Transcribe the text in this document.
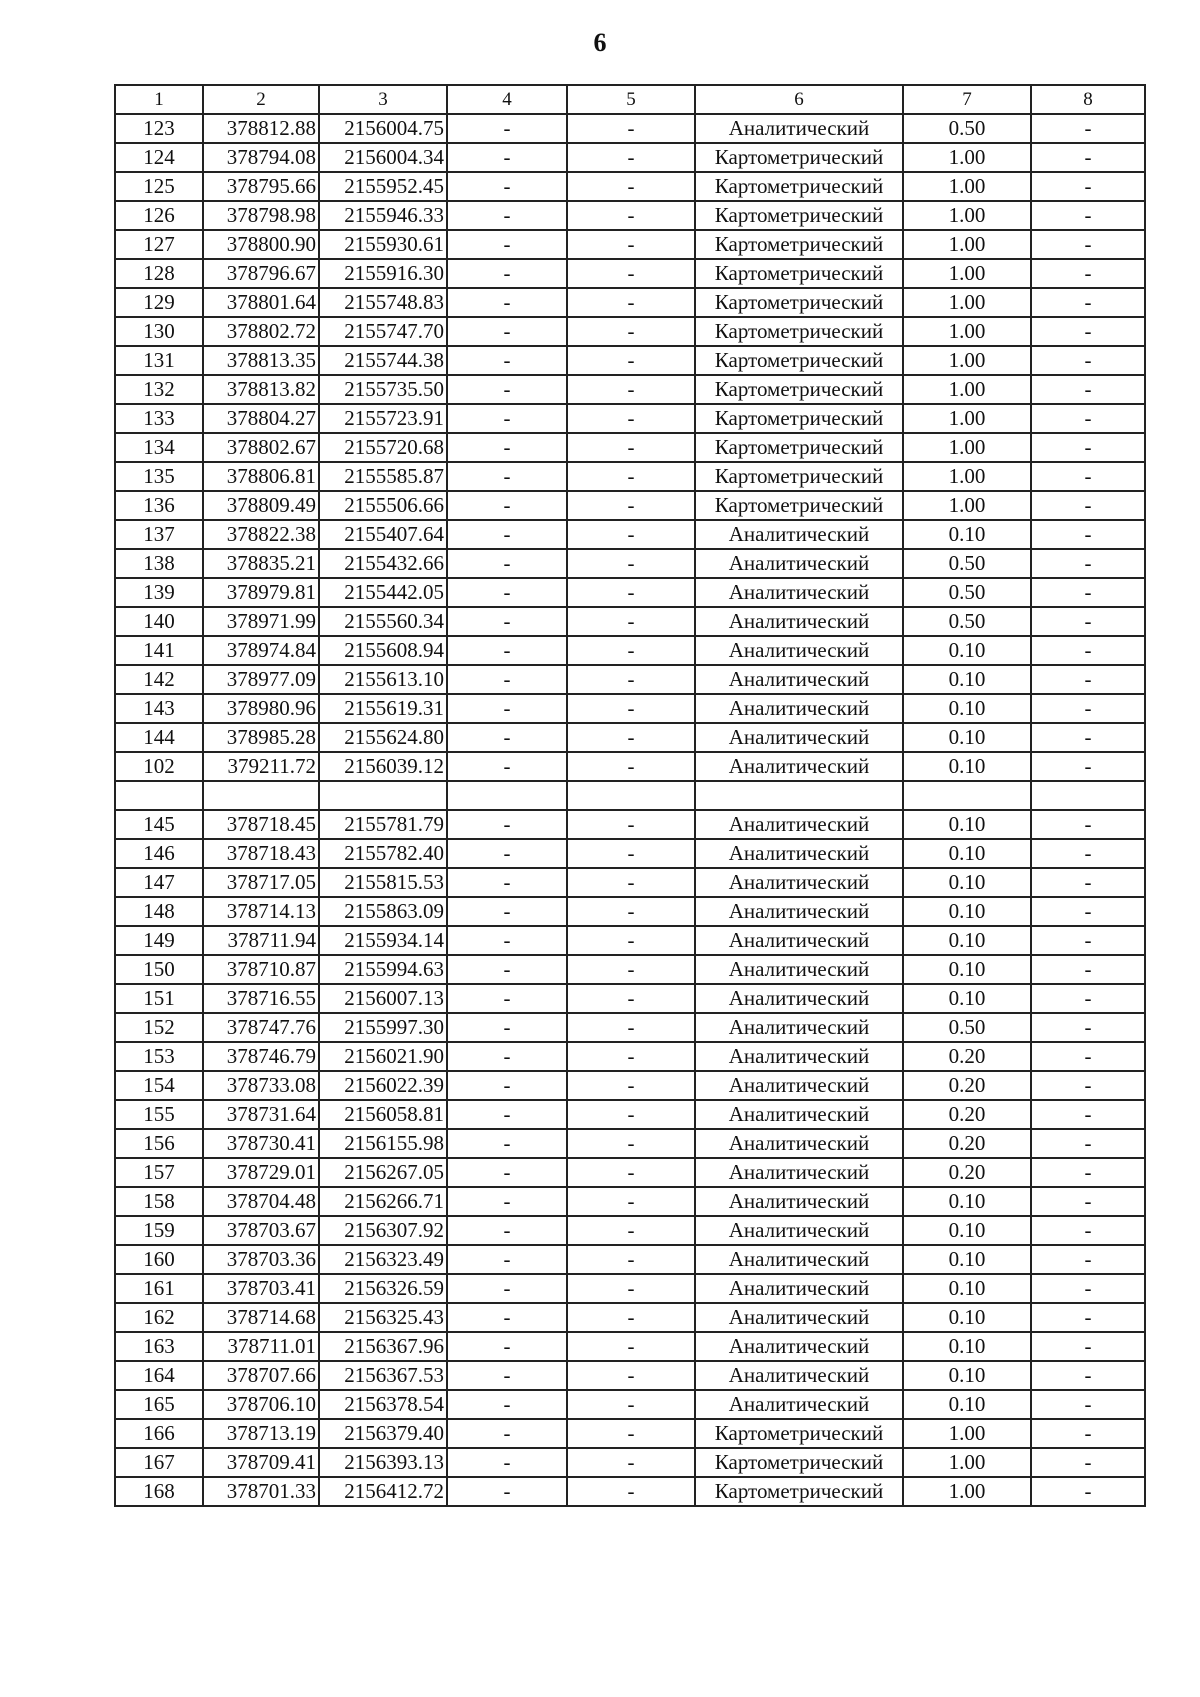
6
1	2	3	4	5	6	7	8
123	378812.88	2156004.75	-	-	Аналитический	0.50	-
124	378794.08	2156004.34	-	-	Картометрический	1.00	-
125	378795.66	2155952.45	-	-	Картометрический	1.00	-
126	378798.98	2155946.33	-	-	Картометрический	1.00	-
127	378800.90	2155930.61	-	-	Картометрический	1.00	-
128	378796.67	2155916.30	-	-	Картометрический	1.00	-
129	378801.64	2155748.83	-	-	Картометрический	1.00	-
130	378802.72	2155747.70	-	-	Картометрический	1.00	-
131	378813.35	2155744.38	-	-	Картометрический	1.00	-
132	378813.82	2155735.50	-	-	Картометрический	1.00	-
133	378804.27	2155723.91	-	-	Картометрический	1.00	-
134	378802.67	2155720.68	-	-	Картометрический	1.00	-
135	378806.81	2155585.87	-	-	Картометрический	1.00	-
136	378809.49	2155506.66	-	-	Картометрический	1.00	-
137	378822.38	2155407.64	-	-	Аналитический	0.10	-
138	378835.21	2155432.66	-	-	Аналитический	0.50	-
139	378979.81	2155442.05	-	-	Аналитический	0.50	-
140	378971.99	2155560.34	-	-	Аналитический	0.50	-
141	378974.84	2155608.94	-	-	Аналитический	0.10	-
142	378977.09	2155613.10	-	-	Аналитический	0.10	-
143	378980.96	2155619.31	-	-	Аналитический	0.10	-
144	378985.28	2155624.80	-	-	Аналитический	0.10	-
102	379211.72	2156039.12	-	-	Аналитический	0.10	-

145	378718.45	2155781.79	-	-	Аналитический	0.10	-
146	378718.43	2155782.40	-	-	Аналитический	0.10	-
147	378717.05	2155815.53	-	-	Аналитический	0.10	-
148	378714.13	2155863.09	-	-	Аналитический	0.10	-
149	378711.94	2155934.14	-	-	Аналитический	0.10	-
150	378710.87	2155994.63	-	-	Аналитический	0.10	-
151	378716.55	2156007.13	-	-	Аналитический	0.10	-
152	378747.76	2155997.30	-	-	Аналитический	0.50	-
153	378746.79	2156021.90	-	-	Аналитический	0.20	-
154	378733.08	2156022.39	-	-	Аналитический	0.20	-
155	378731.64	2156058.81	-	-	Аналитический	0.20	-
156	378730.41	2156155.98	-	-	Аналитический	0.20	-
157	378729.01	2156267.05	-	-	Аналитический	0.20	-
158	378704.48	2156266.71	-	-	Аналитический	0.10	-
159	378703.67	2156307.92	-	-	Аналитический	0.10	-
160	378703.36	2156323.49	-	-	Аналитический	0.10	-
161	378703.41	2156326.59	-	-	Аналитический	0.10	-
162	378714.68	2156325.43	-	-	Аналитический	0.10	-
163	378711.01	2156367.96	-	-	Аналитический	0.10	-
164	378707.66	2156367.53	-	-	Аналитический	0.10	-
165	378706.10	2156378.54	-	-	Аналитический	0.10	-
166	378713.19	2156379.40	-	-	Картометрический	1.00	-
167	378709.41	2156393.13	-	-	Картометрический	1.00	-
168	378701.33	2156412.72	-	-	Картометрический	1.00	-
